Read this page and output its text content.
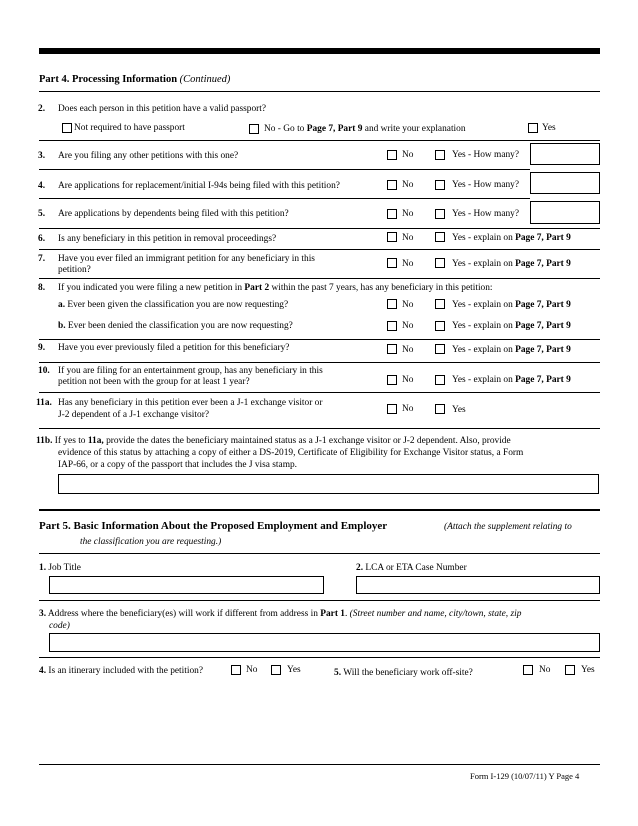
Part 4. Processing Information (Continued)
2. Does each person in this petition have a valid passport?
Not required to have passport	No - Go to Page 7, Part 9 and write your explanation	Yes
3. Are you filing any other petitions with this one?	No	Yes - How many?
4. Are applications for replacement/initial I-94s being filed with this petition?	No	Yes - How many?
5. Are applications by dependents being filed with this petition?	No	Yes - How many?
6. Is any beneficiary in this petition in removal proceedings?	No	Yes - explain on Page 7, Part 9
7. Have you ever filed an immigrant petition for any beneficiary in this
petition?
No	Yes - explain on Page 7, Part 9
8. If you indicated you were filing a new petition in Part 2 within the past 7 years, has any beneficiary in this petition:
a. Ever been given the classification you are now requesting?	No	Yes - explain on Page 7, Part 9
b. Ever been denied the classification you are now requesting?	No	Yes - explain on Page 7, Part 9
9. Have you ever previously filed a petition for this beneficiary?	No	Yes - explain on Page 7, Part 9
10. If you are filing for an entertainment group, has any beneficiary in this
petition not been with the group for at least 1 year?	No	Yes - explain on Page 7, Part 9
11a. Has any beneficiary in this petition ever been a J-1 exchange visitor or
J-2 dependent of a J-1 exchange visitor?
No	Yes
11b. If yes to 11a, provide the dates the beneficiary maintained status as a J-1 exchange visitor or J-2 dependent. Also, provide
evidence of this status by attaching a copy of either a DS-2019, Certificate of Eligibility for Exchange Visitor status, a Form
IAP-66, or a copy of the passport that includes the J visa stamp.
Part 5. Basic Information About the Proposed Employment and Employer	(Attach the supplement relating to
the classification you are requesting.)
1. Job Title	2. LCA or ETA Case Number
3. Address where the beneficiary(es) will work if different from address in Part 1. (Street number and name, city/town, state, zip
code)
4. Is an itinerary included with the petition?	No	Yes	5. Will the beneficiary work off-site?	No	Yes
Form I-129 (10/07/11) Y Page 4
